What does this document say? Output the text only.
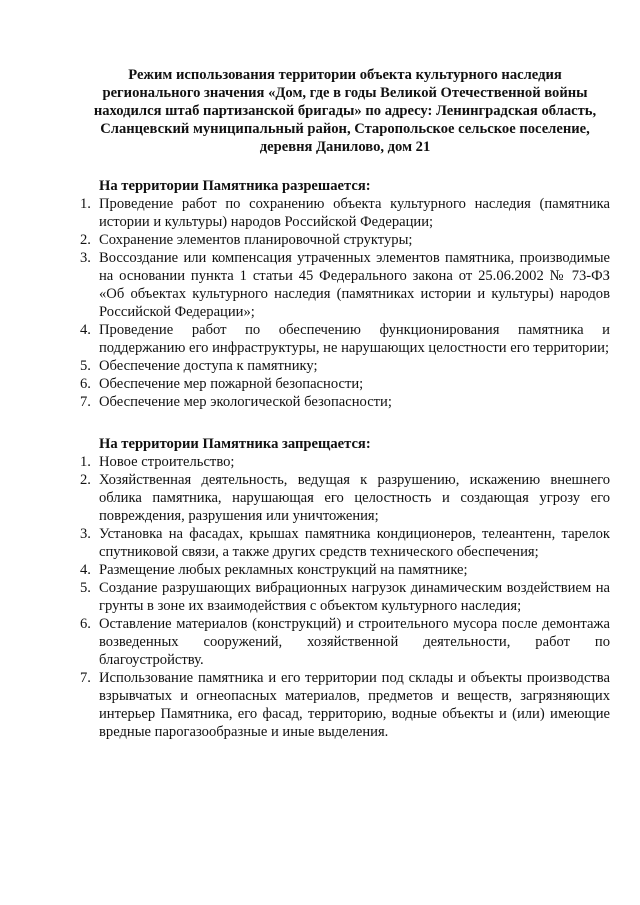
Режим использования территории объекта культурного наследия
регионального значения «Дом, где в годы Великой Отечественной войны
находился штаб партизанской бригады» по адресу: Ленинградская область,
Сланцевский муниципальный район, Старопольское сельское поселение,
деревня Данилово, дом 21

На территории Памятника разрешается:

1. Проведение работ по сохранению объекта культурного наследия (памятника истории и культуры) народов Российской Федерации;
2. Сохранение элементов планировочной структуры;
3. Воссоздание или компенсация утраченных элементов памятника, производимые на основании пункта 1 статьи 45 Федерального закона от 25.06.2002 № 73-ФЗ «Об объектах культурного наследия (памятниках истории и культуры) народов Российской Федерации»;
4. Проведение работ по обеспечению функционирования памятника и поддержанию его инфраструктуры, не нарушающих целостности его территории;
5. Обеспечение доступа к памятнику;
6. Обеспечение мер пожарной безопасности;
7. Обеспечение мер экологической безопасности;

На территории Памятника запрещается:

1. Новое строительство;
2. Хозяйственная деятельность, ведущая к разрушению, искажению внешнего облика памятника, нарушающая его целостность и создающая угрозу его повреждения, разрушения или уничтожения;
3. Установка на фасадах, крышах памятника кондиционеров, телеантенн, тарелок спутниковой связи, а также других средств технического обеспечения;
4. Размещение любых рекламных конструкций на памятнике;
5. Создание разрушающих вибрационных нагрузок динамическим воздействием на грунты в зоне их взаимодействия с объектом культурного наследия;
6. Оставление материалов (конструкций) и строительного мусора после демонтажа возведенных сооружений, хозяйственной деятельности, работ по благоустройству.
7. Использование памятника и его территории под склады и объекты производства взрывчатых и огнеопасных материалов, предметов и веществ, загрязняющих интерьер Памятника, его фасад, территорию, водные объекты и (или) имеющие вредные парогазообразные и иные выделения.
